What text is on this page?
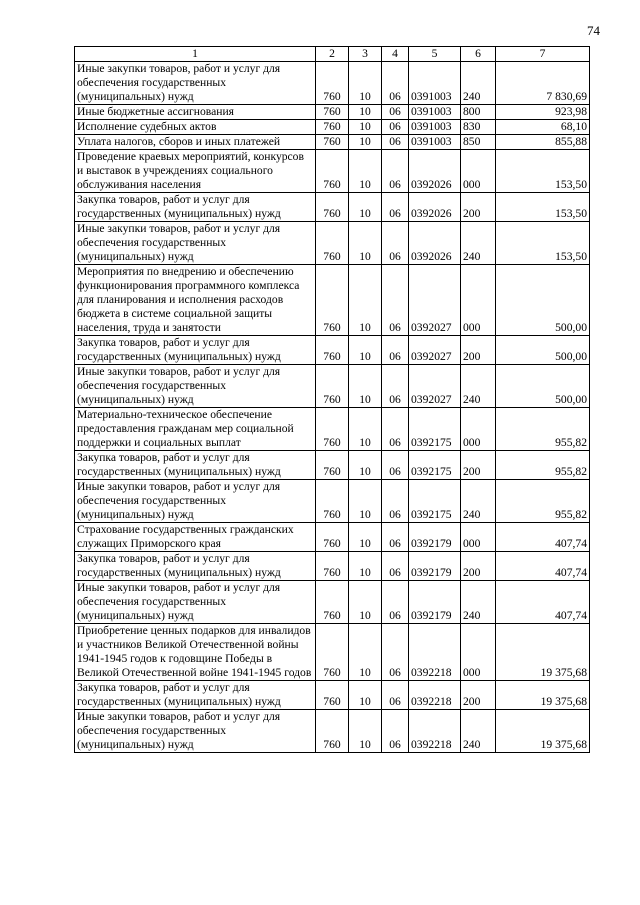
74
1	2	3	4	5	6	7
Иные закупки товаров, работ и услуг для обеспечения государственных (муниципальных) нужд	760	10	06	0391003	240	7 830,69
Иные бюджетные ассигнования	760	10	06	0391003	800	923,98
Исполнение судебных актов	760	10	06	0391003	830	68,10
Уплата налогов, сборов и иных платежей	760	10	06	0391003	850	855,88
Проведение краевых мероприятий, конкурсов и выставок в учреждениях социального обслуживания населения	760	10	06	0392026	000	153,50
Закупка товаров, работ и услуг для государственных (муниципальных) нужд	760	10	06	0392026	200	153,50
Иные закупки товаров, работ и услуг для обеспечения государственных (муниципальных) нужд	760	10	06	0392026	240	153,50
Мероприятия по внедрению и обеспечению функционирования программного комплекса для планирования и исполнения расходов бюджета в системе социальной защиты населения, труда и занятости	760	10	06	0392027	000	500,00
Закупка товаров, работ и услуг для государственных (муниципальных) нужд	760	10	06	0392027	200	500,00
Иные закупки товаров, работ и услуг для обеспечения государственных (муниципальных) нужд	760	10	06	0392027	240	500,00
Материально-техническое обеспечение предоставления гражданам мер социальной поддержки и социальных выплат	760	10	06	0392175	000	955,82
Закупка товаров, работ и услуг для государственных (муниципальных) нужд	760	10	06	0392175	200	955,82
Иные закупки товаров, работ и услуг для обеспечения государственных (муниципальных) нужд	760	10	06	0392175	240	955,82
Страхование государственных гражданских служащих Приморского края	760	10	06	0392179	000	407,74
Закупка товаров, работ и услуг для государственных (муниципальных) нужд	760	10	06	0392179	200	407,74
Иные закупки товаров, работ и услуг для обеспечения государственных (муниципальных) нужд	760	10	06	0392179	240	407,74
Приобретение ценных подарков для инвалидов и участников Великой Отечественной войны 1941-1945 годов к годовщине Победы в Великой Отечественной войне 1941-1945 годов	760	10	06	0392218	000	19 375,68
Закупка товаров, работ и услуг для государственных (муниципальных) нужд	760	10	06	0392218	200	19 375,68
Иные закупки товаров, работ и услуг для обеспечения государственных (муниципальных) нужд	760	10	06	0392218	240	19 375,68
